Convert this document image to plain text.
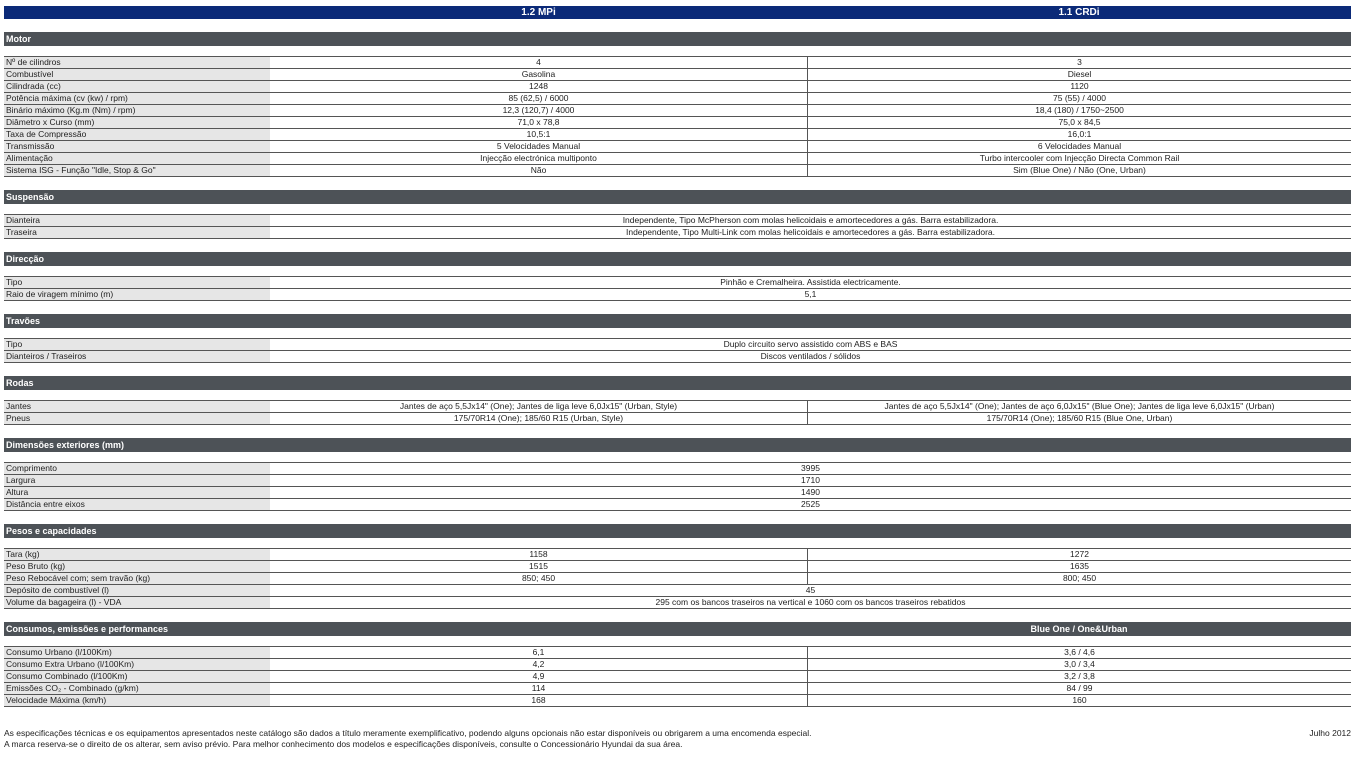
1.2 MPi	1.1 CRDi
Motor
Nº de cilindros	4	3
Combustível	Gasolina	Diesel
Cilindrada (cc)	1248	1120
Potência máxima (cv (kw) / rpm)	85 (62,5) / 6000	75 (55) / 4000
Binário máximo (Kg.m (Nm) / rpm)	12,3 (120,7) / 4000	18,4 (180) / 1750~2500
Diâmetro x Curso (mm)	71,0 x 78,8	75,0 x 84,5
Taxa de Compressão	10,5:1	16,0:1
Transmissão	5 Velocidades Manual	6 Velocidades Manual
Alimentação	Injecção electrónica multiponto	Turbo intercooler com Injecção Directa Common Rail
Sistema ISG - Função "Idle, Stop & Go"	Não	Sim (Blue One) / Não (One, Urban)
Suspensão
Dianteira	Independente, Tipo McPherson com molas helicoidais e amortecedores a gás. Barra estabilizadora.
Traseira	Independente, Tipo Multi-Link com molas helicoidais e amortecedores a gás. Barra estabilizadora.
Direcção
Tipo	Pinhão e Cremalheira. Assistida electricamente.
Raio de viragem mínimo (m)	5,1
Travões
Tipo	Duplo circuito servo assistido com ABS e BAS
Dianteiros / Traseiros	Discos ventilados / sólidos
Rodas
Jantes	Jantes de aço 5,5Jx14" (One); Jantes de liga leve 6,0Jx15" (Urban, Style)	Jantes de aço 5,5Jx14" (One); Jantes de aço 6,0Jx15" (Blue One); Jantes de liga leve 6,0Jx15" (Urban)
Pneus	175/70R14 (One); 185/60 R15 (Urban, Style)	175/70R14 (One); 185/60 R15 (Blue One, Urban)
Dimensões exteriores (mm)
Comprimento	3995
Largura	1710
Altura	1490
Distância entre eixos	2525
Pesos e capacidades
Tara (kg)	1158	1272
Peso Bruto (kg)	1515	1635
Peso Rebocável com; sem travão (kg)	850; 450	800; 450
Depósito de combustível (l)	45
Volume da bagageira (l) - VDA	295 com os bancos traseiros na vertical e 1060 com os bancos traseiros rebatidos
Consumos, emissões e performances	Blue One / One&Urban
Consumo Urbano (l/100Km)	6,1	3,6 / 4,6
Consumo Extra Urbano (l/100Km)	4,2	3,0 / 3,4
Consumo Combinado (l/100Km)	4,9	3,2 / 3,8
Emissões CO₂ - Combinado (g/km)	114	84 / 99
Velocidade Máxima (km/h)	168	160
As especificações técnicas e os equipamentos apresentados neste catálogo são dados a título meramente exemplificativo, podendo alguns opcionais não estar disponíveis ou obrigarem a uma encomenda especial.
A marca reserva-se o direito de os alterar, sem aviso prévio. Para melhor conhecimento dos modelos e especificações disponíveis, consulte o Concessionário Hyundai da sua área.
Julho 2012
